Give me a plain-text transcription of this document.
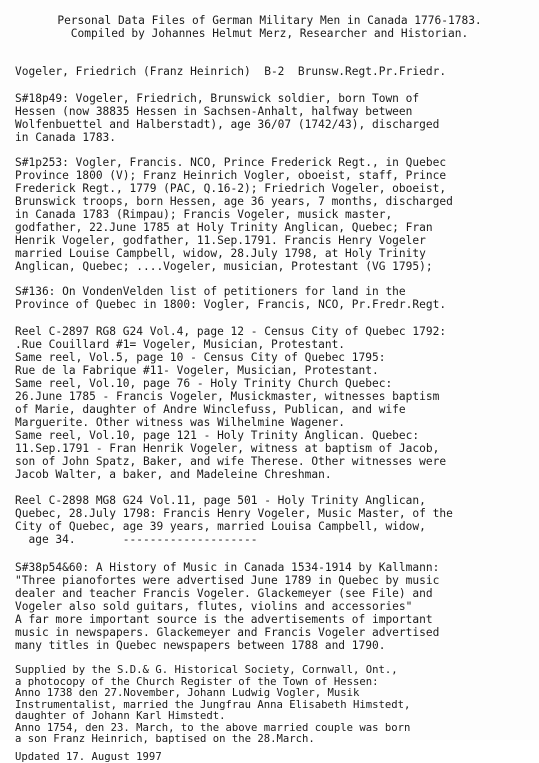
Personal Data Files of German Military Men in Canada 1776-1783.
Compiled by Johannes Helmut Merz, Researcher and Historian.
Vogeler, Friedrich (Franz Heinrich)  B-2  Brunsw.Regt.Pr.Friedr.
S#18p49: Vogeler, Friedrich, Brunswick soldier, born Town of
Hessen (now 38835 Hessen in Sachsen-Anhalt, halfway between
Wolfenbuettel and Halberstadt), age 36/07 (1742/43), discharged
in Canada 1783.
S#1p253: Vogler, Francis. NCO, Prince Frederick Regt., in Quebec
Province 1800 (V); Franz Heinrich Vogler, oboeist, staff, Prince
Frederick Regt., 1779 (PAC, Q.16-2); Friedrich Vogeler, oboeist,
Brunswick troops, born Hessen, age 36 years, 7 months, discharged
in Canada 1783 (Rimpau); Francis Vogeler, musick master,
godfather, 22.June 1785 at Holy Trinity Anglican, Quebec; Fran
Henrik Vogeler, godfather, 11.Sep.1791. Francis Henry Vogeler
married Louise Campbell, widow, 28.July 1798, at Holy Trinity
Anglican, Quebec; ....Vogeler, musician, Protestant (VG 1795);
S#136: On VondenVelden list of petitioners for land in the
Province of Quebec in 1800: Vogler, Francis, NCO, Pr.Fredr.Regt.
Reel C-2897 RG8 G24 Vol.4, page 12 - Census City of Quebec 1792:
.Rue Couillard #1= Vogeler, Musician, Protestant.
Same reel, Vol.5, page 10 - Census City of Quebec 1795:
Rue de la Fabrique #11- Vogeler, Musician, Protestant.
Same reel, Vol.10, page 76 - Holy Trinity Church Quebec:
26.June 1785 - Francis Vogeler, Musickmaster, witnesses baptism
of Marie, daughter of Andre Winclefuss, Publican, and wife
Marguerite. Other witness was Wilhelmine Wagener.
Same reel, Vol.10, page 121 - Holy Trinity Anglican. Quebec:
11.Sep.1791 - Fran Henrik Vogeler, witness at baptism of Jacob,
son of John Spatz, Baker, and wife Therese. Other witnesses were
Jacob Walter, a baker, and Madeleine Chreshman.
Reel C-2898 MG8 G24 Vol.11, page 501 - Holy Trinity Anglican,
Quebec, 28.July 1798: Francis Henry Vogeler, Music Master, of the
City of Quebec, age 39 years, married Louisa Campbell, widow,
age 34.       --------------------
S#38p54&60: A History of Music in Canada 1534-1914 by Kallmann:
"Three pianofortes were advertised June 1789 in Quebec by music
dealer and teacher Francis Vogeler. Glackemeyer (see File) and
Vogeler also sold guitars, flutes, violins and accessories"
A far more important source is the advertisements of important
music in newspapers. Glackemeyer and Francis Vogeler advertised
many titles in Quebec newspapers between 1788 and 1790.
Supplied by the S.D.& G. Historical Society, Cornwall, Ont.,
a photocopy of the Church Register of the Town of Hessen:
Anno 1738 den 27.November, Johann Ludwig Vogler, Musik
Instrumentalist, married the Jungfrau Anna Elisabeth Himstedt,
daughter of Johann Karl Himstedt.
Anno 1754, den 23. March, to the above married couple was born
a son Franz Heinrich, baptised on the 28.March.
Updated 17. August 1997
